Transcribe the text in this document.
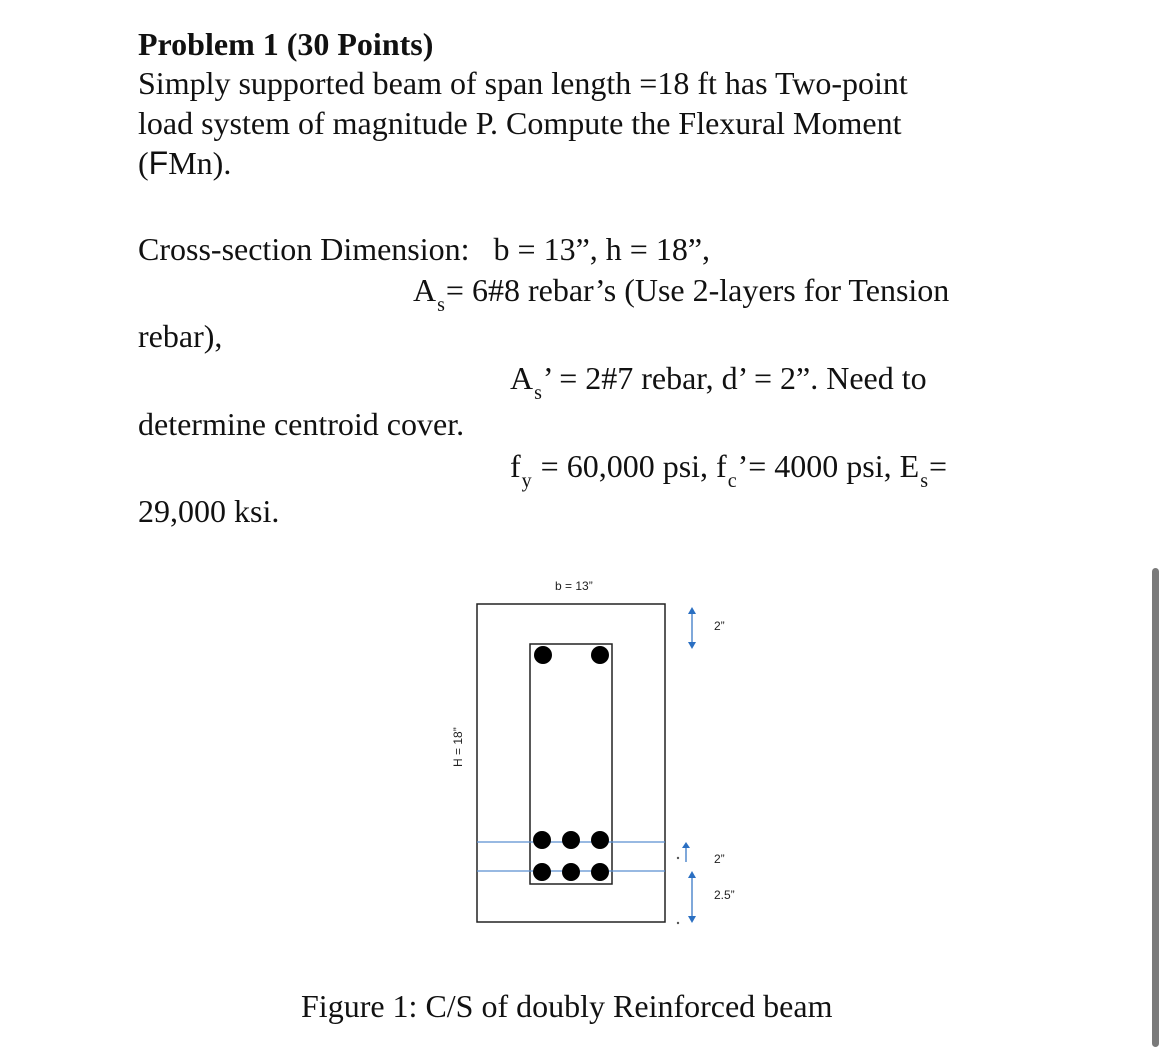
Problem 1 (30 Points)
Simply supported beam of span length =18 ft has Two-point
load system of magnitude P. Compute the Flexural Moment
(FMn).
Cross-section Dimension:   b = 13”, h = 18”,
$A_s=$ 6#8 rebar’s (Use 2-layers for Tension
rebar),
$A_s$’ = 2#7 rebar, d’ = 2”. Need to
determine centroid cover.
$f_y = 60,000$ psi, $f_c’= 4000$ psi, $E_s=$
29,000 ksi.
b = 13”
H = 18”
2”
2”
2.5”
Figure 1: C/S of doubly Reinforced beam
